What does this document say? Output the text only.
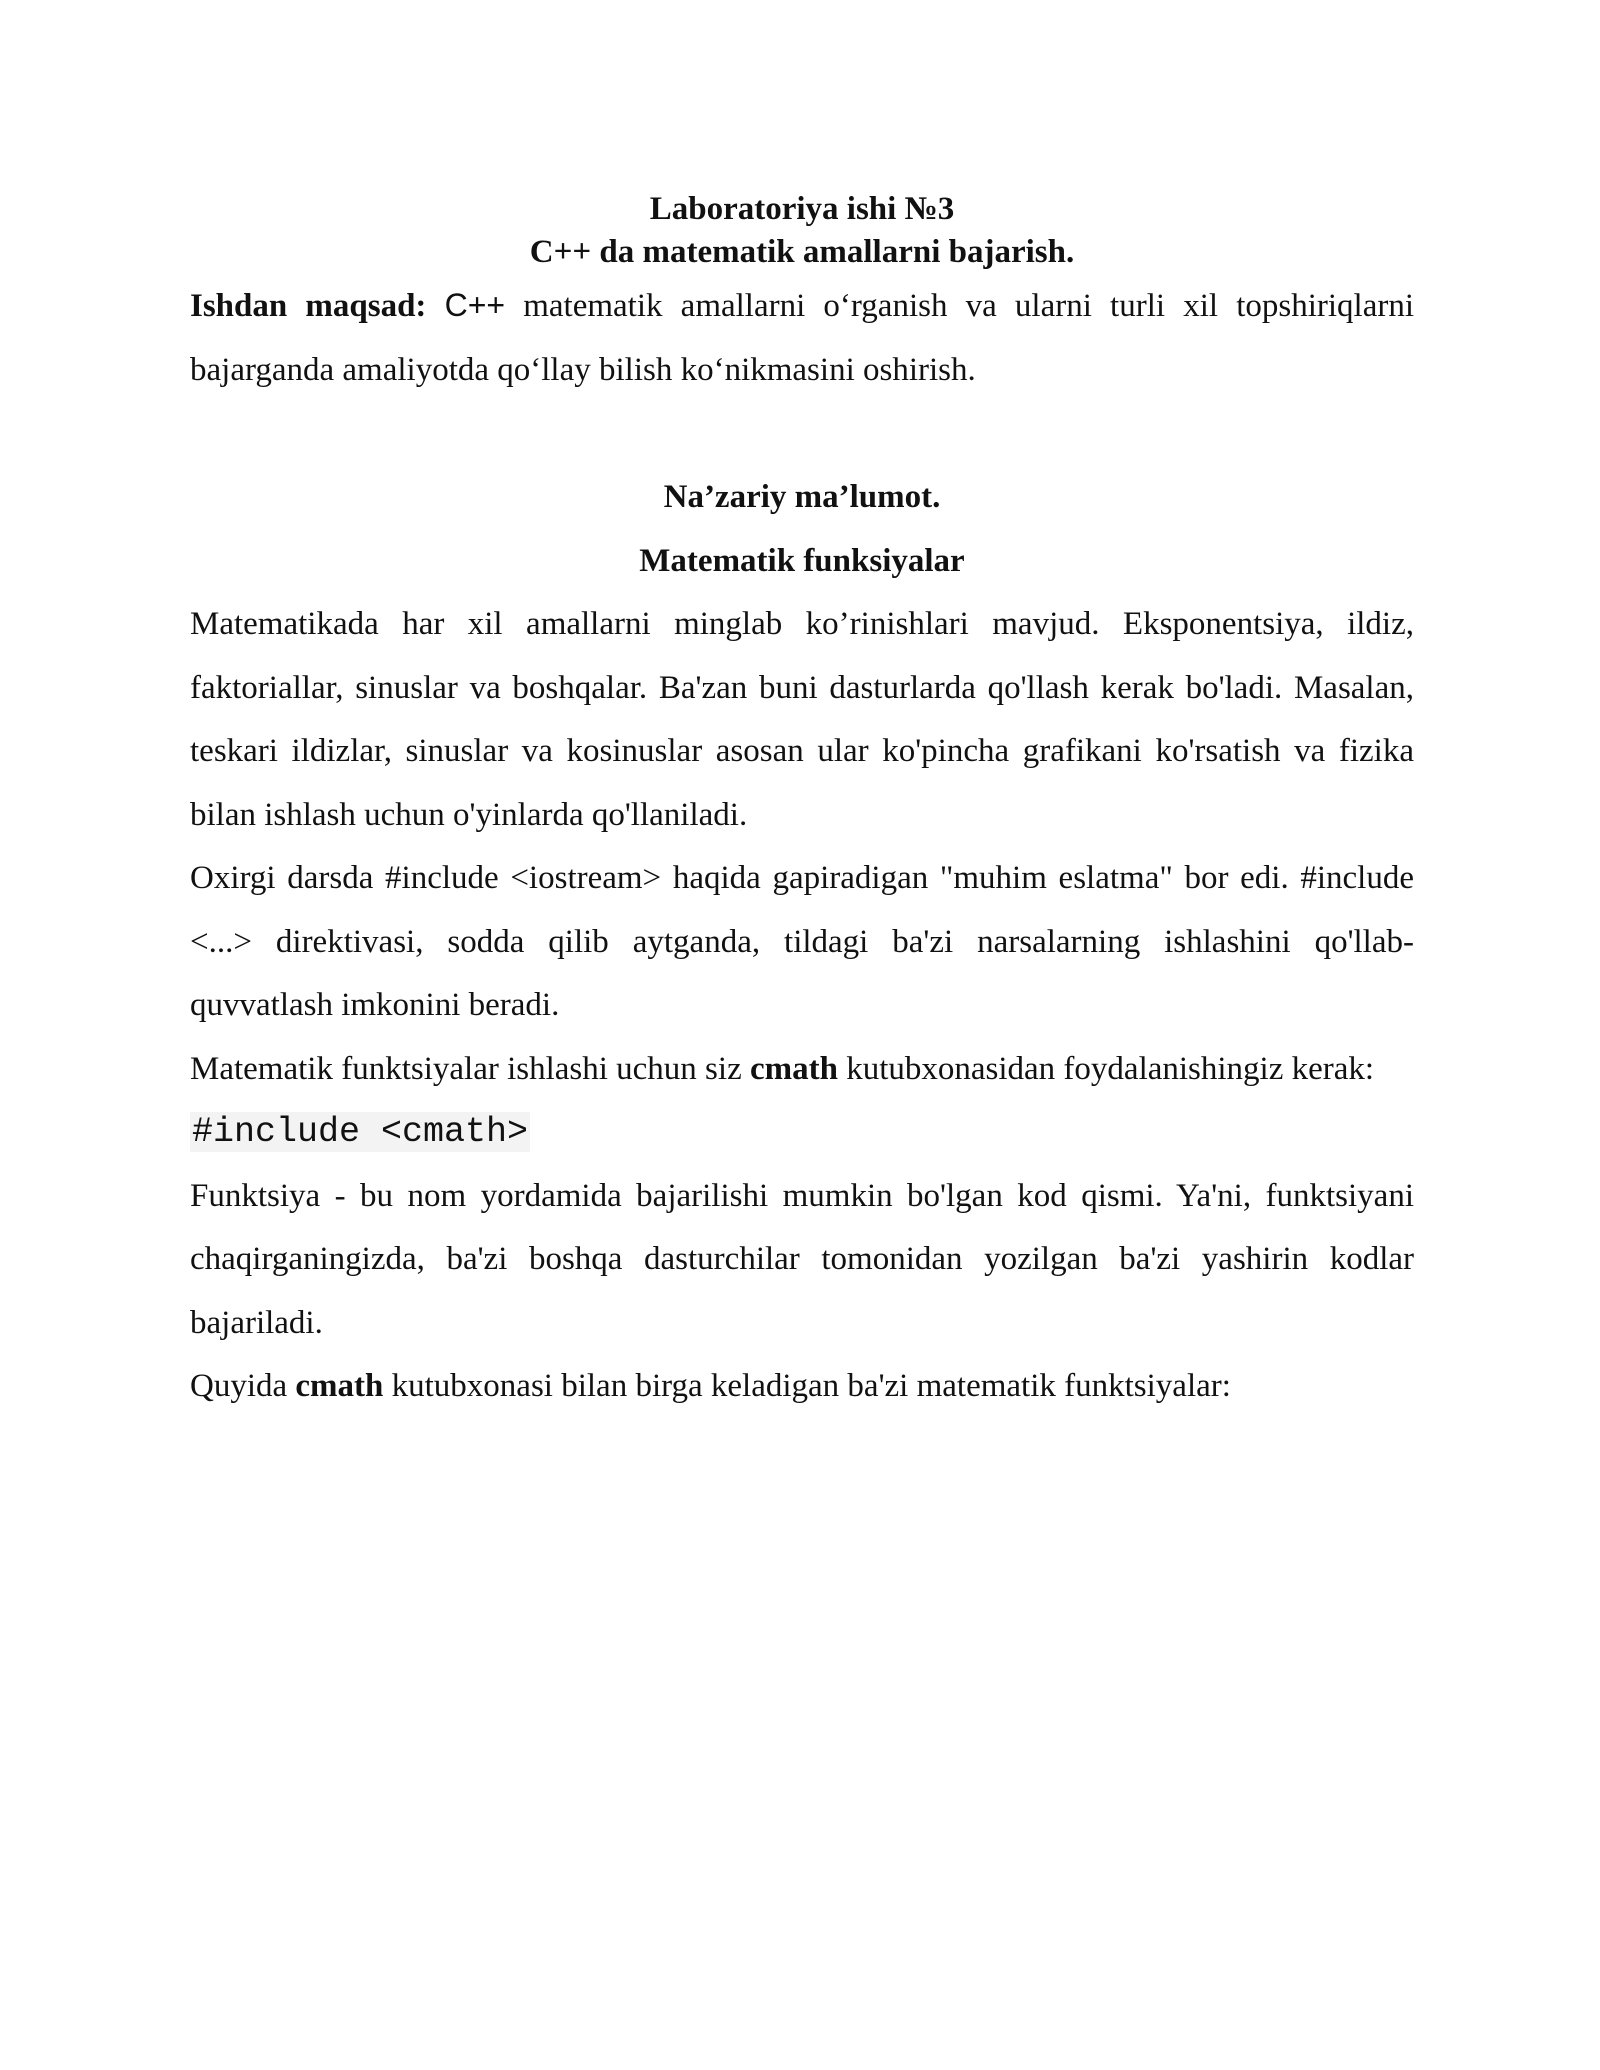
Laboratoriya ishi №3

C++ da matematik amallarni bajarish.

Ishdan maqsad: C++ matematik amallarni o‘rganish va ularni turli xil topshiriqlarni bajarganda amaliyotda qo‘llay bilish ko‘nikmasini oshirish.

Na’zariy ma’lumot.

Matematik funksiyalar

Matematikada har xil amallarni minglab ko’rinishlari mavjud. Eksponentsiya, ildiz, faktoriallar, sinuslar va boshqalar. Ba'zan buni dasturlarda qo'llash kerak bo'ladi. Masalan, teskari ildizlar, sinuslar va kosinuslar asosan ular ko'pincha grafikani ko'rsatish va fizika bilan ishlash uchun o'yinlarda qo'llaniladi.

Oxirgi darsda #include <iostream> haqida gapiradigan "muhim eslatma" bor edi. #include <...> direktivasi, sodda qilib aytganda, tildagi ba'zi narsalarning ishlashini qo'llab-quvvatlash imkonini beradi.

Matematik funktsiyalar ishlashi uchun siz cmath kutubxonasidan foydalanishingiz kerak:

#include <cmath>

Funktsiya - bu nom yordamida bajarilishi mumkin bo'lgan kod qismi. Ya'ni, funktsiyani chaqirganingizda, ba'zi boshqa dasturchilar tomonidan yozilgan ba'zi yashirin kodlar bajariladi.

Quyida cmath kutubxonasi bilan birga keladigan ba'zi matematik funktsiyalar:
